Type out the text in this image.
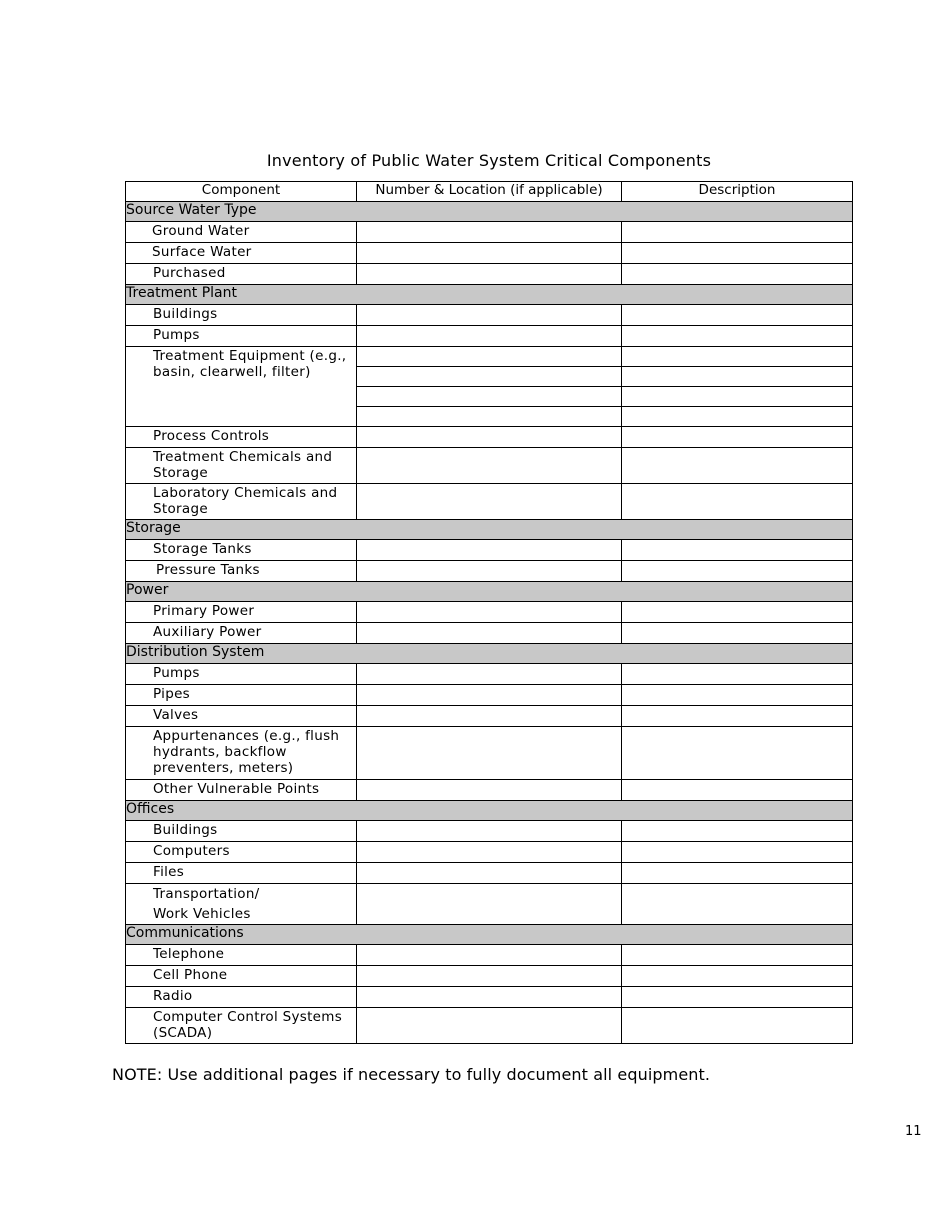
Inventory of Public Water System Critical Components
Component	Number & Location (if applicable)	Description
Source Water Type		
Ground Water		
Surface Water		
Purchased		
Treatment Plant		
Buildings		
Pumps		
Treatment Equipment (e.g., basin, clearwell, filter)		

Process Controls		
Treatment Chemicals and Storage		
Laboratory Chemicals and Storage		
Storage		
Storage Tanks		
Pressure Tanks		
Power		
Primary Power		
Auxiliary Power		
Distribution System		
Pumps		
Pipes		
Valves		
Appurtenances (e.g., flush hydrants, backflow preventers, meters)		
Other Vulnerable Points		
Offices		
Buildings		
Computers		
Files		
Transportation/
Work Vehicles		
Communications		
Telephone		
Cell Phone		
Radio		
Computer Control Systems (SCADA)		
NOTE: Use additional pages if necessary to fully document all equipment.
11
